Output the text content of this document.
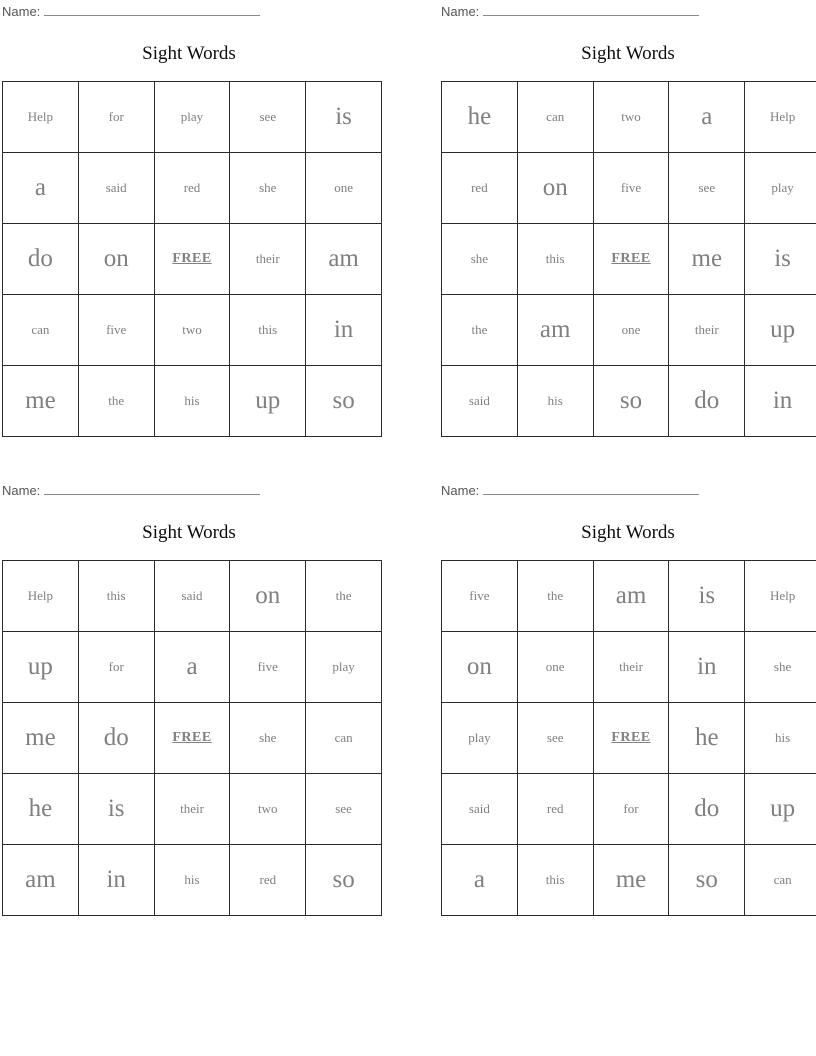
Name:
Sight Words
Help	for	play	see	is
a	said	red	she	one
do	on	FREE	their	am
can	five	two	this	in
me	the	his	up	so
Name:
Sight Words
he	can	two	a	Help
red	on	five	see	play
she	this	FREE	me	is
the	am	one	their	up
said	his	so	do	in
Name:
Sight Words
Help	this	said	on	the
up	for	a	five	play
me	do	FREE	she	can
he	is	their	two	see
am	in	his	red	so
Name:
Sight Words
five	the	am	is	Help
on	one	their	in	she
play	see	FREE	he	his
said	red	for	do	up
a	this	me	so	can
